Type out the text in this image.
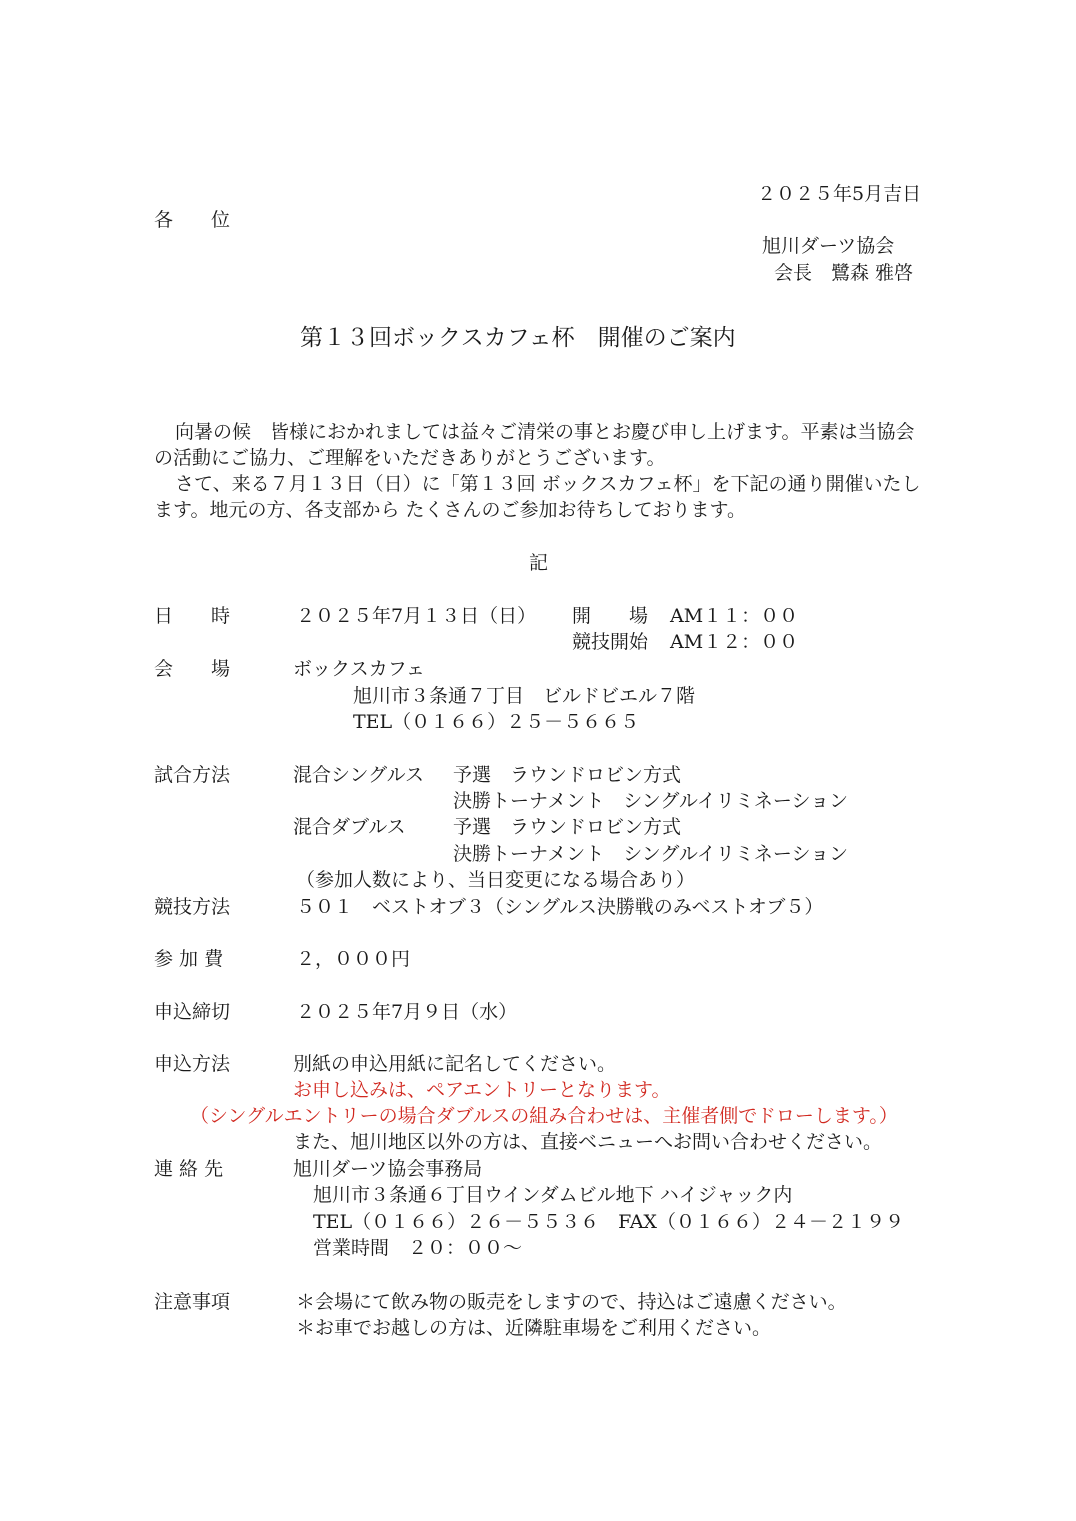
２０２５年5月吉日
各　　位
旭川ダーツ協会
会長　鷺森 雅啓
第１３回ボックスカフェ杯　開催のご案内
向暑の候　皆様におかれましては益々ご清栄の事とお慶び申し上げます。平素は当協会
の活動にご協力、ご理解をいただきありがとうございます。
さて、来る７月１３日（日）に「第１３回 ボックスカフェ杯」を下記の通り開催いたし
ます。地元の方、各支部から たくさんのご参加お待ちしております。
記
日　　時	２０２５年7月１３日（日） 開　　場 AM１１：００
競技開始 AM１２：００
会　　場	ボックスカフェ
旭川市３条通７丁目　ビルドビエル７階
TEL（０１６６）２５－５６６５
試合方法	混合シングルス 予選　ラウンドロビン方式
決勝トーナメント　シングルイリミネーション
混合ダブルス 予選　ラウンドロビン方式
決勝トーナメント　シングルイリミネーション
（参加人数により、当日変更になる場合あり）
競技方法	５０１　ベストオブ３（シングルス決勝戦のみベストオブ５）
参 加 費	２，０００円
申込締切	２０２５年7月９日（水）
申込方法	別紙の申込用紙に記名してください。
お申し込みは、ペアエントリーとなります。
（シングルエントリーの場合ダブルスの組み合わせは、主催者側でドローします。）
また、旭川地区以外の方は、直接ベニューへお問い合わせください。
連 絡 先	旭川ダーツ協会事務局
旭川市３条通６丁目ウインダムビル地下 ハイジャック内
TEL（０１６６）２６－５５３６　FAX（０１６６）２４－２１９９
営業時間　２０：００～
注意事項	＊会場にて飲み物の販売をしますので、持込はご遠慮ください。
＊お車でお越しの方は、近隣駐車場をご利用ください。
